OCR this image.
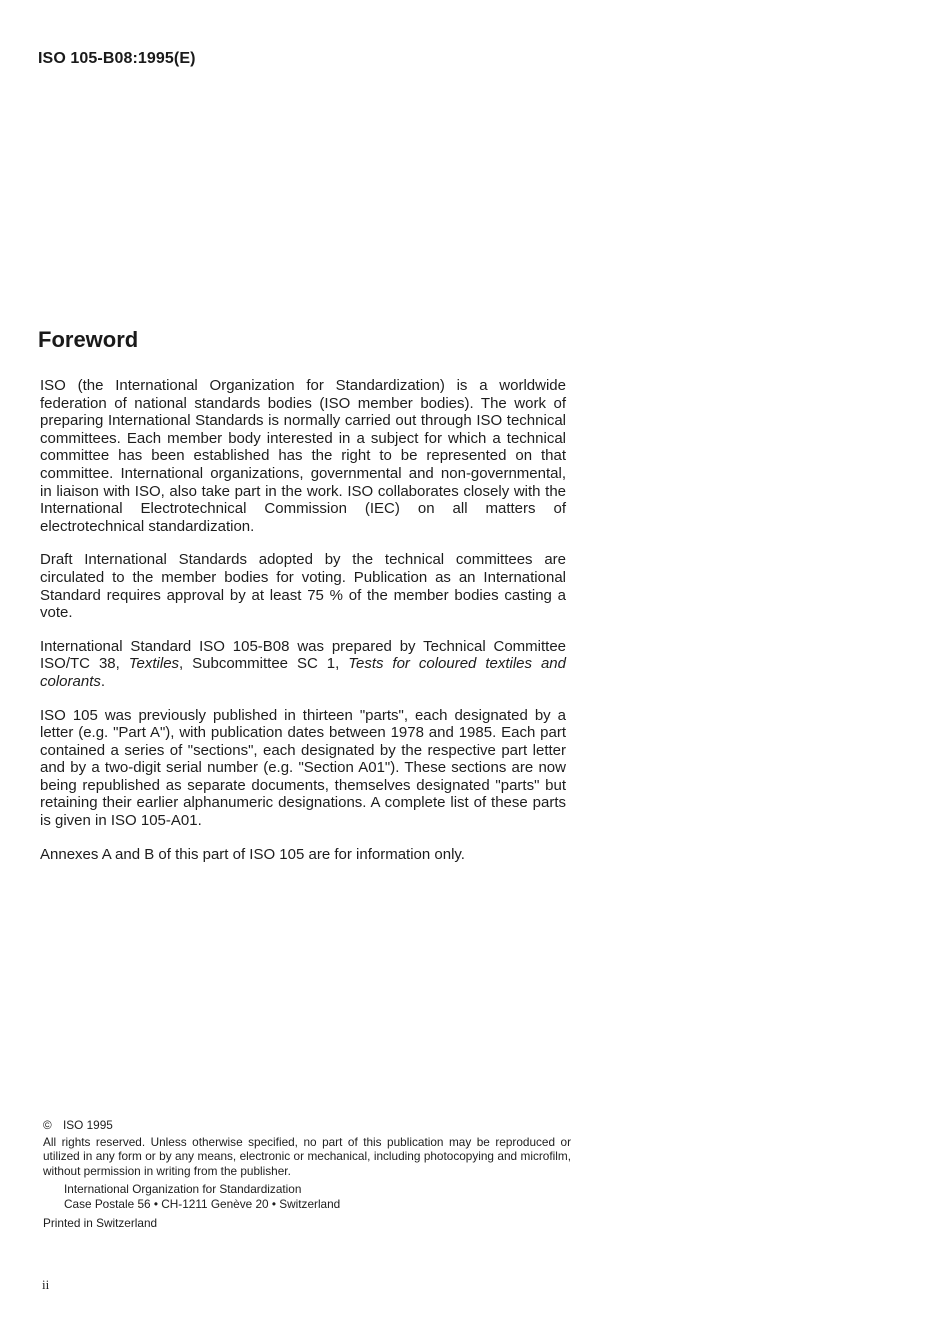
ISO 105-B08:1995(E)
Foreword

ISO (the International Organization for Standardization) is a worldwide federation of national standards bodies (ISO member bodies). The work of preparing International Standards is normally carried out through ISO technical committees. Each member body interested in a subject for which a technical committee has been established has the right to be represented on that committee. International organizations, governmental and non-governmental, in liaison with ISO, also take part in the work. ISO collaborates closely with the International Electrotechnical Commission (IEC) on all matters of electrotechnical standardization.

Draft International Standards adopted by the technical committees are circulated to the member bodies for voting. Publication as an International Standard requires approval by at least 75 % of the member bodies casting a vote.

International Standard ISO 105-B08 was prepared by Technical Committee ISO/TC 38, Textiles, Subcommittee SC 1, Tests for coloured textiles and colorants.

ISO 105 was previously published in thirteen "parts", each designated by a letter (e.g. "Part A"), with publication dates between 1978 and 1985. Each part contained a series of "sections", each designated by the respective part letter and by a two-digit serial number (e.g. "Section A01"). These sections are now being republished as separate documents, themselves designated "parts" but retaining their earlier alphanumeric designations. A complete list of these parts is given in ISO 105-A01.

Annexes A and B of this part of ISO 105 are for information only.

© ISO 1995

All rights reserved. Unless otherwise specified, no part of this publication may be reproduced or utilized in any form or by any means, electronic or mechanical, including photocopying and microfilm, without permission in writing from the publisher.

International Organization for Standardization
Case Postale 56 • CH-1211 Genève 20 • Switzerland
Printed in Switzerland
ii
